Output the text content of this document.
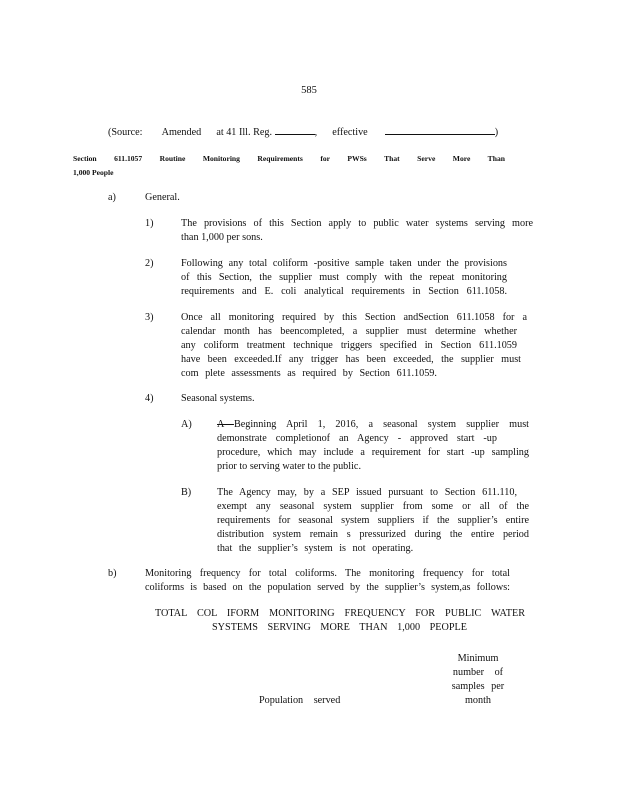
585
(Source: Amended at 41 Ill. Reg.	, effective	)
Section 611.1057 Routine Monitoring Requirements for PWSs That Serve More Than
1,000 People
a)	General.
1)	The provisions of this Section apply to public water systems serving more
than 1,000 per sons.
2)	Following any total coliform -positive sample taken under the provisions
of this Section, the supplier must comply with the repeat monitoring
requirements and E. coli analytical requirements in Section 611.1058.
3)	Once all monitoring required by this Section andSection 611.1058 for a
calendar month has beencompleted, a supplier must determine whether
any coliform treatment technique triggers specified in Section 611.1059
have been exceeded.If any trigger has been exceeded, the supplier must
com plete assessments as required by Section 611.1059.
4)	Seasonal systems.
A) A Beginning April 1, 2016, a seasonal system supplier must
demonstrate completionof an Agency - approved start -up
procedure, which may include a requirement for start -up sampling
prior to serving water to the public.
B)	The Agency may, by a SEP issued pursuant to Section 611.110,
exempt any seasonal system supplier from some or all of the
requirements for seasonal system suppliers if the supplier’s entire
distribution system remain s pressurized during the entire period
that the supplier’s system is not operating.
b)	Monitoring frequency for total coliforms. The monitoring frequency for total
coliforms is based on the population served by the supplier’s system,as follows:
TOTAL COL IFORM MONITORING FREQUENCY FOR PUBLIC WATER
SYSTEMS SERVING MORE THAN 1,000 PEOPLE
Minimum
number of
samples per
month
Population served
